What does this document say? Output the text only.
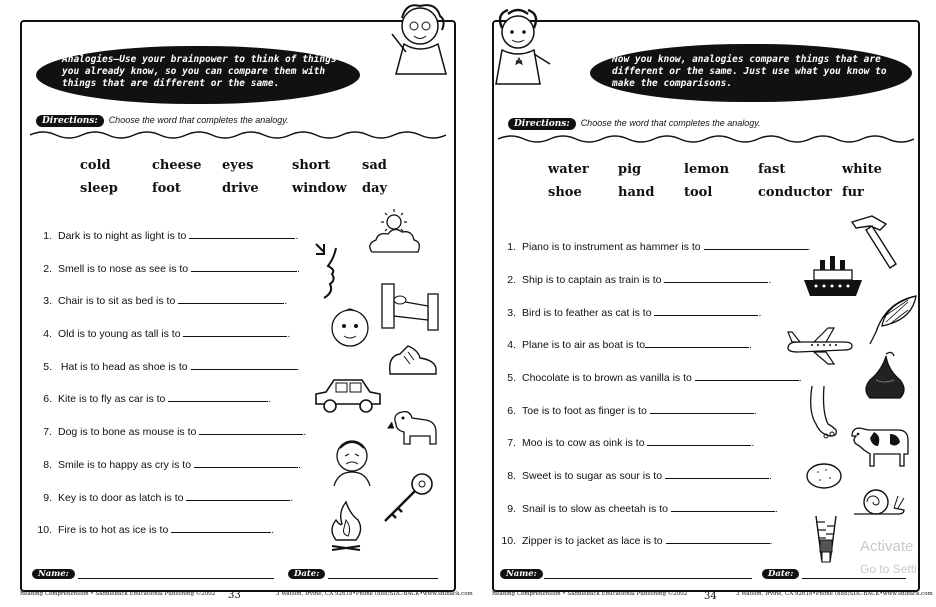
Analogies—Use your brainpower to think of things
you already know, so you can compare them with
things that are different or the same.
Directions: Choose the word that completes the analogy.
cold	cheese eyes	short sad
sleep	foot	drive	window day
1. Dark is to night as light is to	.
2. Smell is to nose as see is to	.
3. Chair is to sit as bed is to	.
4. Old is to young as tall is to	.
5. Hat is to head as shoe is to	.
6. Kite is to fly as car is to	.
7. Dog is to bone as mouse is to	.
8. Smile is to happy as cry is to	.
9. Key is to door as latch is to	.
10. Fire is to hot as ice is to	.
Name:	Date:
Reading Comprehension • Saddleback Educational Publishing ©2002 33	3 Watson, Irvine, CA 92618•Phone (888)SDL-BACK•www.sdlback.com
Now you know, analogies compare things that are
different or the same. Just use what you know to
make the comparisons.
Directions: Choose the word that completes the analogy.
water pig	lemon fast	white
shoe	hand tool	conductor fur
1. Piano is to instrument as hammer is to	.
2. Ship is to captain as train is to	.
3. Bird is to feather as cat is to	.
4. Plane is to air as boat is to	.
5. Chocolate is to brown as vanilla is to	.
6. Toe is to foot as finger is to	.
7. Moo is to cow as oink is to	.
8. Sweet is to sugar as sour is to	.
9. Snail is to slow as cheetah is to	.
10. Zipper is to jacket as lace is to	.
Name:	Date:
Reading Comprehension • Saddleback Educational Publishing ©2002 34	3 Watson, Irvine, CA 92618•Phone (888)SDL-BACK•www.sdlback.com
Activate
Go to Setti
